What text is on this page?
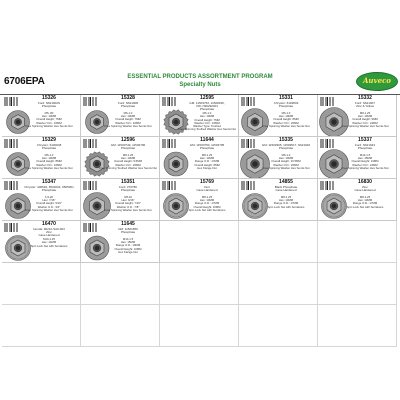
6706EPA	ESSENTIAL PRODUCTS ASSORTMENT PROGRAM
Specialty Nuts	Auveco
15326
Ford: N621902S
Phosphate
M5-.80
Hex: 10MM
Overall Height: 7MM
Washer O.D.: 16MM
Free Spinning Washer Hex Semis Nut
15328
Ford: N621908
Phosphate
M6-1.0
Hex: 10MM
Overall Height: 7MM
Washer O.D.: 16MM
Free Spinning Washer Hex Semis Nut
12595
GM: 11503752, 11508336,
VW: N90292001
Phosphate
M6-1.0
Hex: 10MM
Overall Height: 7MM
Washer O.D.: 16MM
Washer Type: Toothed
Free Spinning Toothed Washer Hex Semis Nut
15331
Chrysler: 6102849
Phosphate
M6-1.0
Hex: 10MM
Overall Height: 8MM
Washer O.D.: 20MM
Free Spinning Washer Hex Semis Nut
15332
Ford: N621907
Zinc & Yellow
M8-1.25
Hex: 13MM
Overall Height: 9MM
Washer O.D.: 24MM
Free Spinning Washer Hex Semis Nut
15329
Chrysler: 6100048
Phosphate
M6-1.0
Hex: 10MM
Overall Height: 8MM
Washer O.D.: 16MM
Free Spinning Washer Hex Semis Nut
12596
GM: 11500749, 11503796
Phosphate
M8-1.25
Hex: 13MM
Overall Height: 9.5MM
Washer O.D.: 20MM
Free Spinning Toothed Washer Hex Semis Nut
11644
GM: 11500750, 11503795
Phosphate
M8-1.25
Hex: 13MM
Flange O.D.: 17MM
Overall Height: 8MM
Hex Flange Nut
15335
GM: 11503905, 11509517, N621940
Phosphate
M6-1.0
Hex: 10MM
Overall Height: 10.5MM
Washer O.D.: 20MM
Free Spinning Washer Hex Semis Nut
15337
Ford: N621943
Phosphate
M10-1.5
Hex: 15MM
Overall Height: 13MM
Washer O.D.: 24MM
Free Spinning Washer Hex Semis Nut
15347
Chrysler: 400694, 6503204, 6505061
Phosphate
1/4-20
Hex: 7/16"
Overall Height: 9/16"
Washer O.D.: 3/4"
Free Spinning Washer Hex Semis Nut
15351
Ford: 376780
Phosphate
3/8-16
Hex: 9/16"
Overall Height: 7/16"
Washer O.D.: 7/8"
Free Spinning Washer Hex Semis Nut
15769
Dori
Case Hardened
M8-1.25
Hex: 13MM
Flange O.D.: 17MM
Overall Height: 10MM
Spin Lock Nut with Serrations
14855
Black Phosphate
Case Hardened
M8-1.25
Hex: 13MM
Flange O.D.: 17MM
Spin Lock Nut with Serrations
16830
Zinc
Case Hardened
M8-1.25
Hex: 13MM
Flange O.D.: 17MM
Spin Lock Nut with Serrations
16470
Honda: 90212-SA0-003
Zinc
Case Hardened
M10-1.25
Hex: 14MM
Spin Lock Nut with Serrations
11645
GM: 11501650
Phosphate
M10-1.5
Hex: 15MM
Flange O.D.: 19MM
Overall Height: 10MM
Hex Flange Nut
